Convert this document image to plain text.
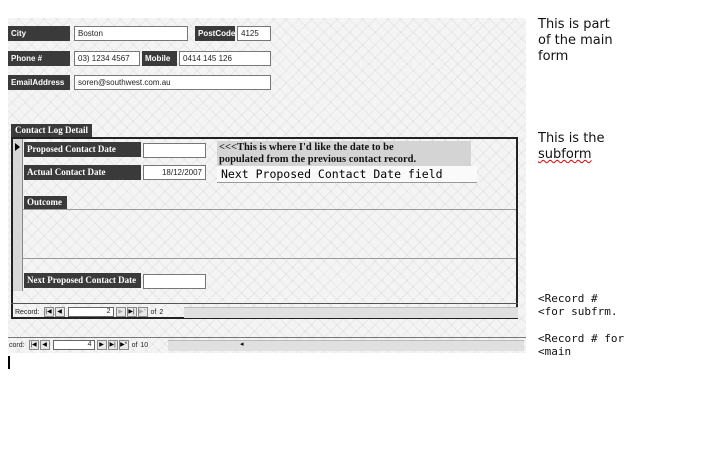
City	Boston	PostCode 4125
Phone #	03) 1234 4567	Mobile	0414 145 126
EmailAddress	soren@southwest.com.au
Contact Log Detail
Proposed Contact Date
Actual Contact Date	18/12/2007
<<<This is where I'd like the date to be
populated from the previous contact record.
Next Proposed Contact Date field
Outcome
Next Proposed Contact Date
Record: |◀ ◀	2	▶ ▶| ▶* of 2
cord: |◀ ◀	4	▶ ▶| ▶* of 10	◂
This is part
of the main
form
This is the
subform
<Record #
<for subfrm.
<Record # for
<main
